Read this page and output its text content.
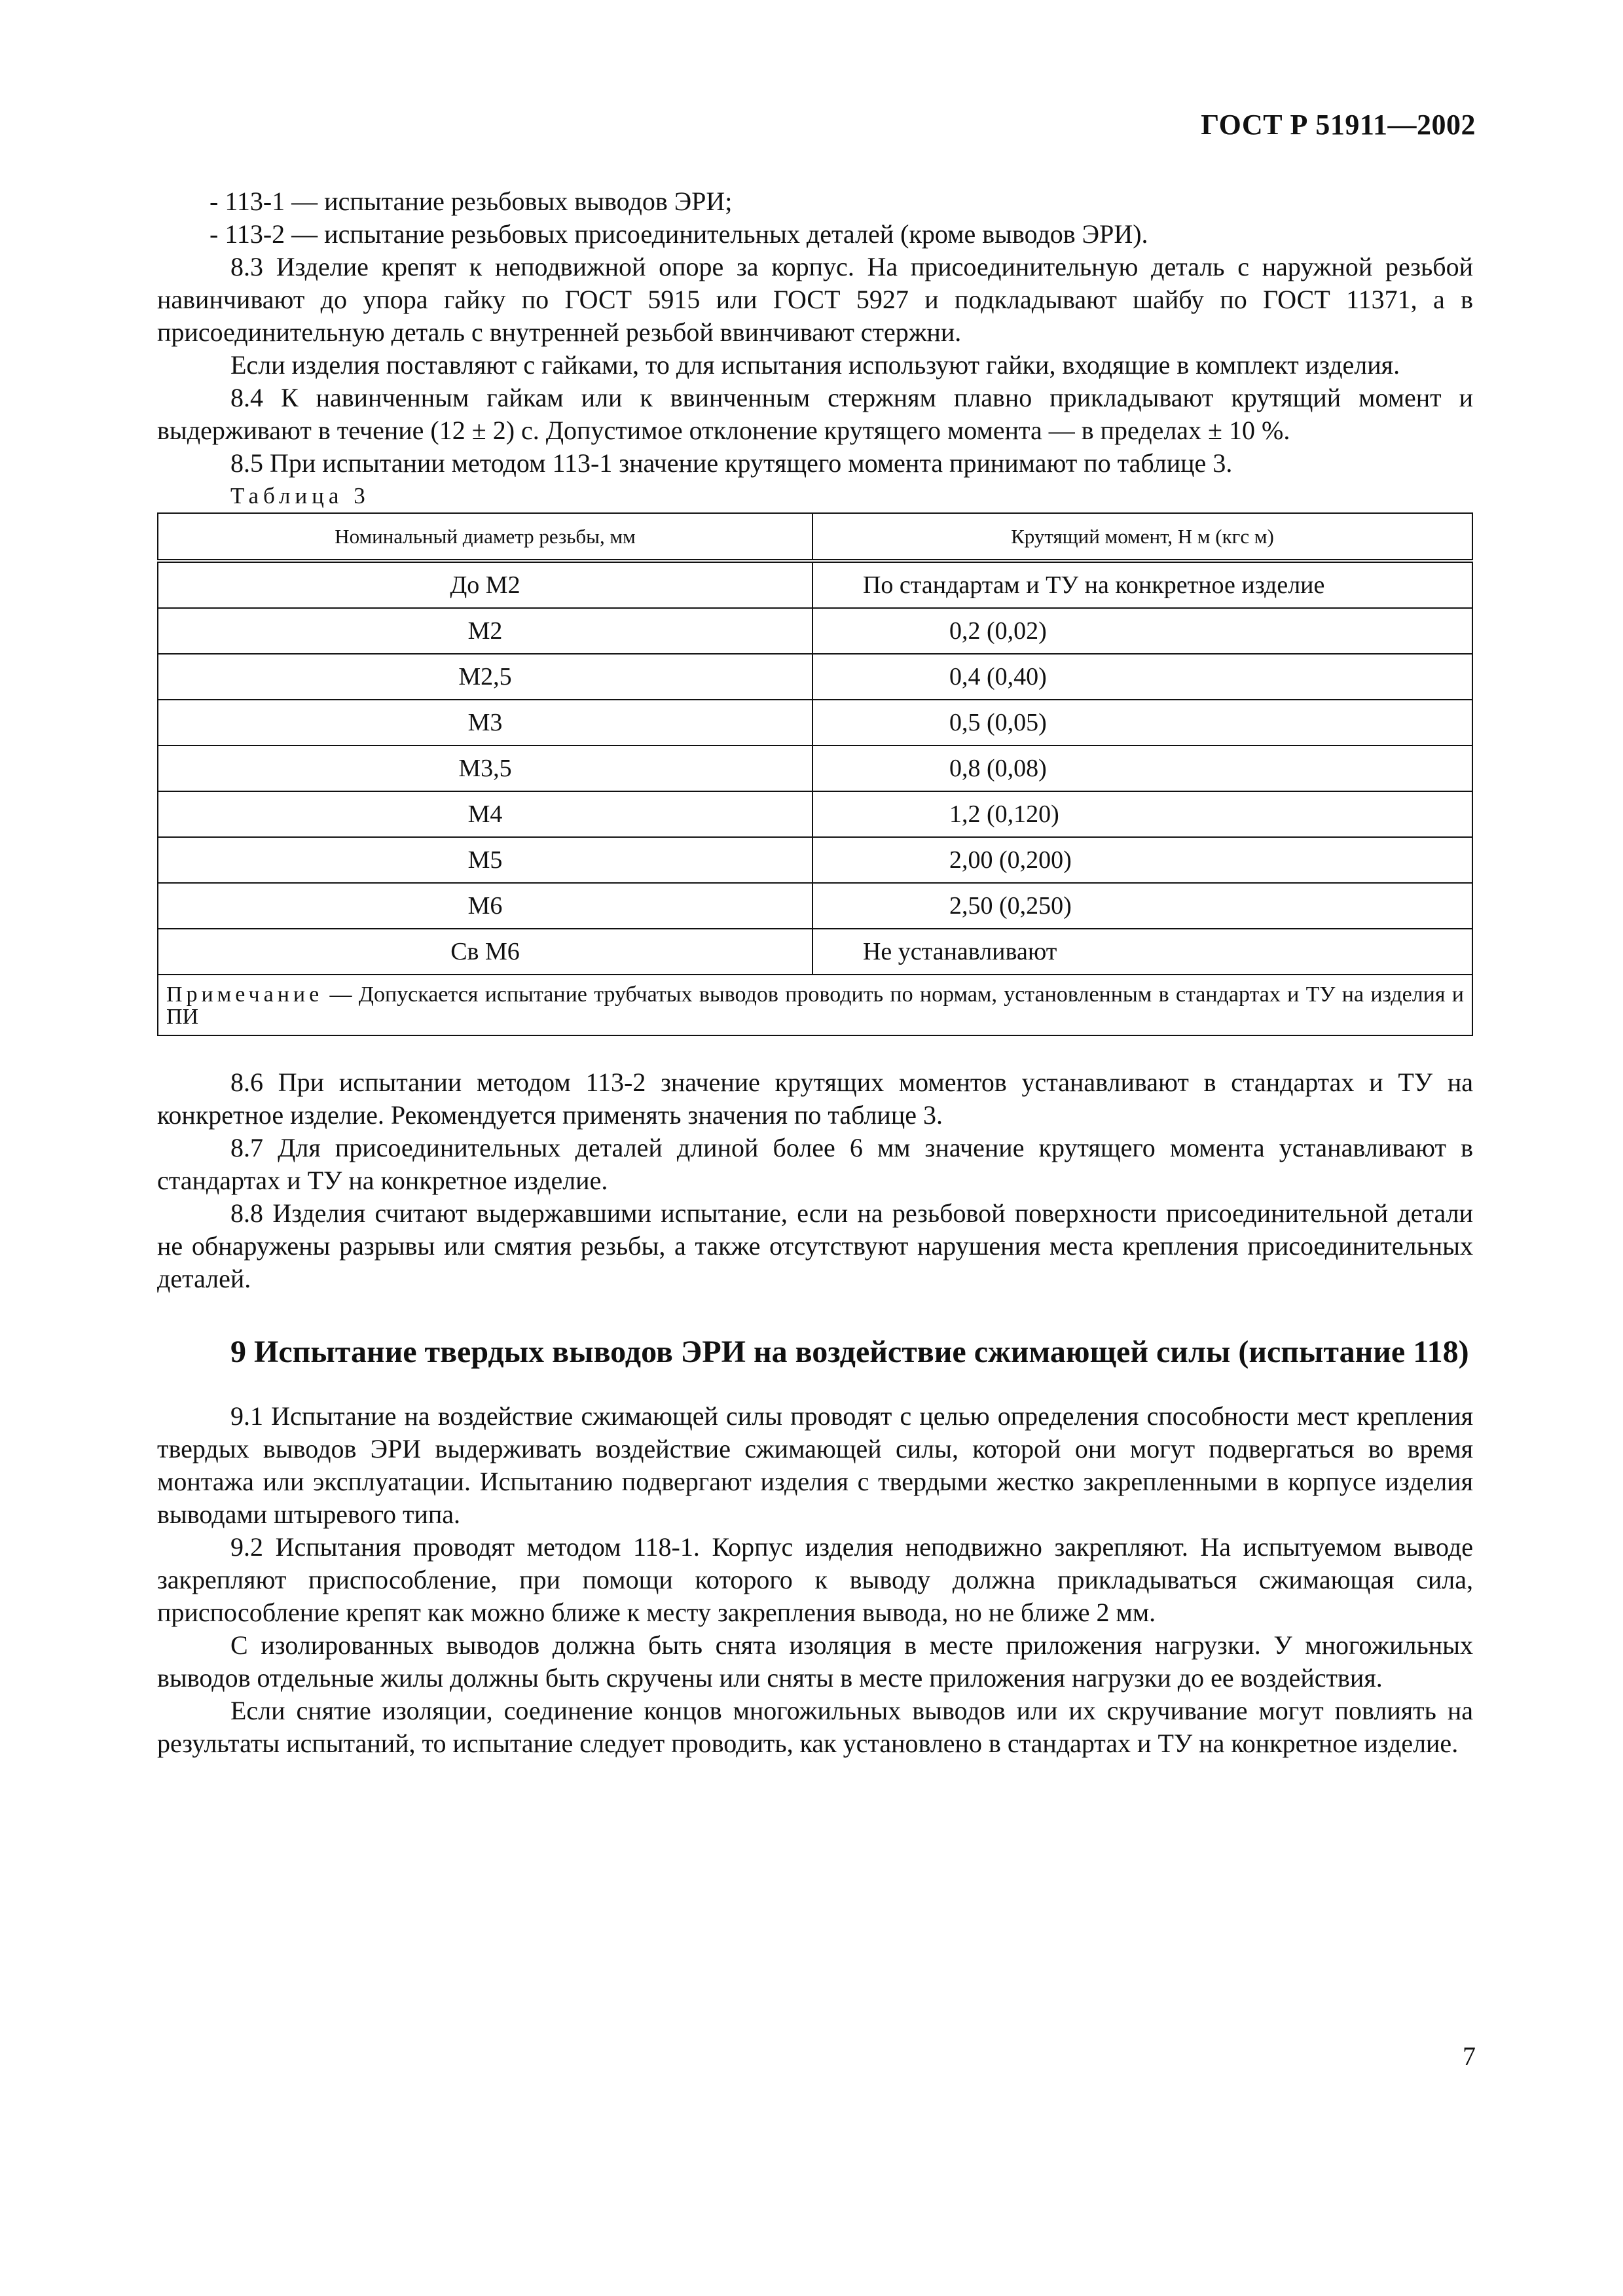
ГОСТ Р 51911—2002

- 113-1 — испытание резьбовых выводов ЭРИ;

- 113-2 — испытание резьбовых присоединительных деталей (кроме выводов ЭРИ).

8.3 Изделие крепят к неподвижной опоре за корпус. На присоединительную деталь с наружной резьбой навинчивают до упора гайку по ГОСТ 5915 или ГОСТ 5927 и подкладывают шайбу по ГОСТ 11371, а в присоединительную деталь с внутренней резьбой ввинчивают стержни.

Если изделия поставляют с гайками, то для испытания используют гайки, входящие в комплект изделия.

8.4 К навинченным гайкам или к ввинченным стержням плавно прикладывают крутящий момент и выдерживают в течение (12 ± 2) с. Допустимое отклонение крутящего момента — в пределах ± 10 %.

8.5 При испытании методом 113-1 значение крутящего момента принимают по таблице 3.

Таблица 3

Номинальный диаметр резьбы, мм	Крутящий момент, Н м (кгс м)
До М2	По стандартам и ТУ на конкретное изделие
М2	0,2 (0,02)
М2,5	0,4 (0,40)
М3	0,5 (0,05)
М3,5	0,8 (0,08)
М4	1,2 (0,120)
М5	2,00 (0,200)
М6	2,50 (0,250)
Св М6	Не устанавливают
Примечание — Допускается испытание трубчатых выводов проводить по нормам, установленным в стандартах и ТУ на изделия и ПИ	

8.6 При испытании методом 113-2 значение крутящих моментов устанавливают в стандартах и ТУ на конкретное изделие. Рекомендуется применять значения по таблице 3.

8.7 Для присоединительных деталей длиной более 6 мм значение крутящего момента устанавливают в стандартах и ТУ на конкретное изделие.

8.8 Изделия считают выдержавшими испытание, если на резьбовой поверхности присоединительной детали не обнаружены разрывы или смятия резьбы, а также отсутствуют нарушения места крепления присоединительных деталей.

9 Испытание твердых выводов ЭРИ на воздействие сжимающей силы (испытание 118)

9.1 Испытание на воздействие сжимающей силы проводят с целью определения способности мест крепления твердых выводов ЭРИ выдерживать воздействие сжимающей силы, которой они могут подвергаться во время монтажа или эксплуатации. Испытанию подвергают изделия с твердыми жестко закрепленными в корпусе изделия выводами штыревого типа.

9.2 Испытания проводят методом 118-1. Корпус изделия неподвижно закрепляют. На испытуемом выводе закрепляют приспособление, при помощи которого к выводу должна прикладываться сжимающая сила, приспособление крепят как можно ближе к месту закрепления вывода, но не ближе 2 мм.

С изолированных выводов должна быть снята изоляция в месте приложения нагрузки. У многожильных выводов отдельные жилы должны быть скручены или сняты в месте приложения нагрузки до ее воздействия.

Если снятие изоляции, соединение концов многожильных выводов или их скручивание могут повлиять на результаты испытаний, то испытание следует проводить, как установлено в стандартах и ТУ на конкретное изделие.

7
